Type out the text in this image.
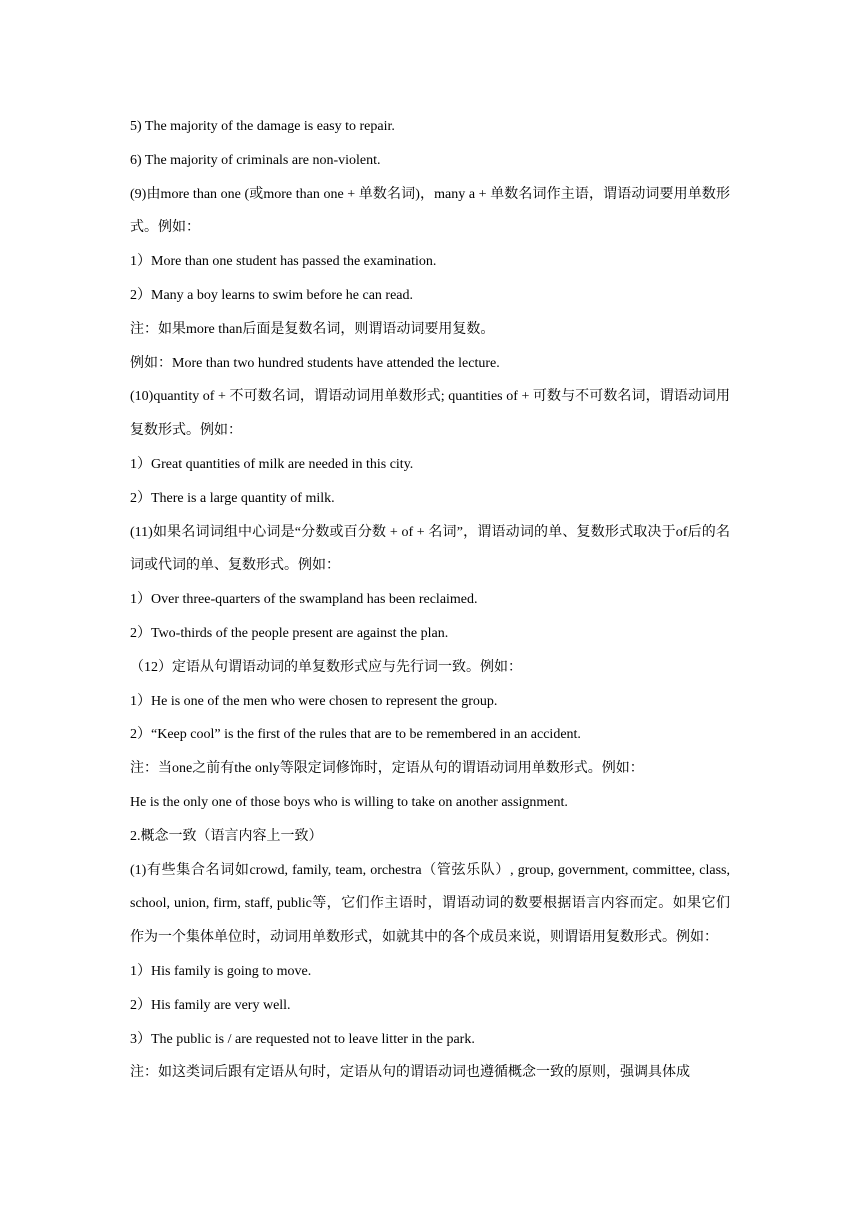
5) The majority of the damage is easy to repair.

6) The majority of criminals are non-violent.

(9)由more than one (或more than one + 单数名词)，many a + 单数名词作主语，谓语动词要用单数形式。例如：

1）More than one student has passed the examination.

2）Many a boy learns to swim before he can read.

注：如果more than后面是复数名词，则谓语动词要用复数。

例如：More than two hundred students have attended the lecture.

(10)quantity of + 不可数名词，谓语动词用单数形式; quantities of + 可数与不可数名词，谓语动词用复数形式。例如：

1）Great quantities of milk are needed in this city.

2）There is a large quantity of milk.

(11)如果名词词组中心词是“分数或百分数 + of + 名词”，谓语动词的单、复数形式取决于of后的名词或代词的单、复数形式。例如：

1）Over three-quarters of the swampland has been reclaimed.

2）Two-thirds of the people present are against the plan.

（12）定语从句谓语动词的单复数形式应与先行词一致。例如：

1）He is one of the men who were chosen to represent the group.

2）“Keep cool” is the first of the rules that are to be remembered in an accident.

注：当one之前有the only等限定词修饰时，定语从句的谓语动词用单数形式。例如：

He is the only one of those boys who is willing to take on another assignment.

2.概念一致（语言内容上一致）

(1)有些集合名词如crowd, family, team, orchestra（管弦乐队）, group, government, committee, class, school, union, firm, staff, public等，它们作主语时，谓语动词的数要根据语言内容而定。如果它们作为一个集体单位时，动词用单数形式，如就其中的各个成员来说，则谓语用复数形式。例如：

1）His family is going to move.

2）His family are very well.

3）The public is / are requested not to leave litter in the park.

注：如这类词后跟有定语从句时，定语从句的谓语动词也遵循概念一致的原则，强调具体成
